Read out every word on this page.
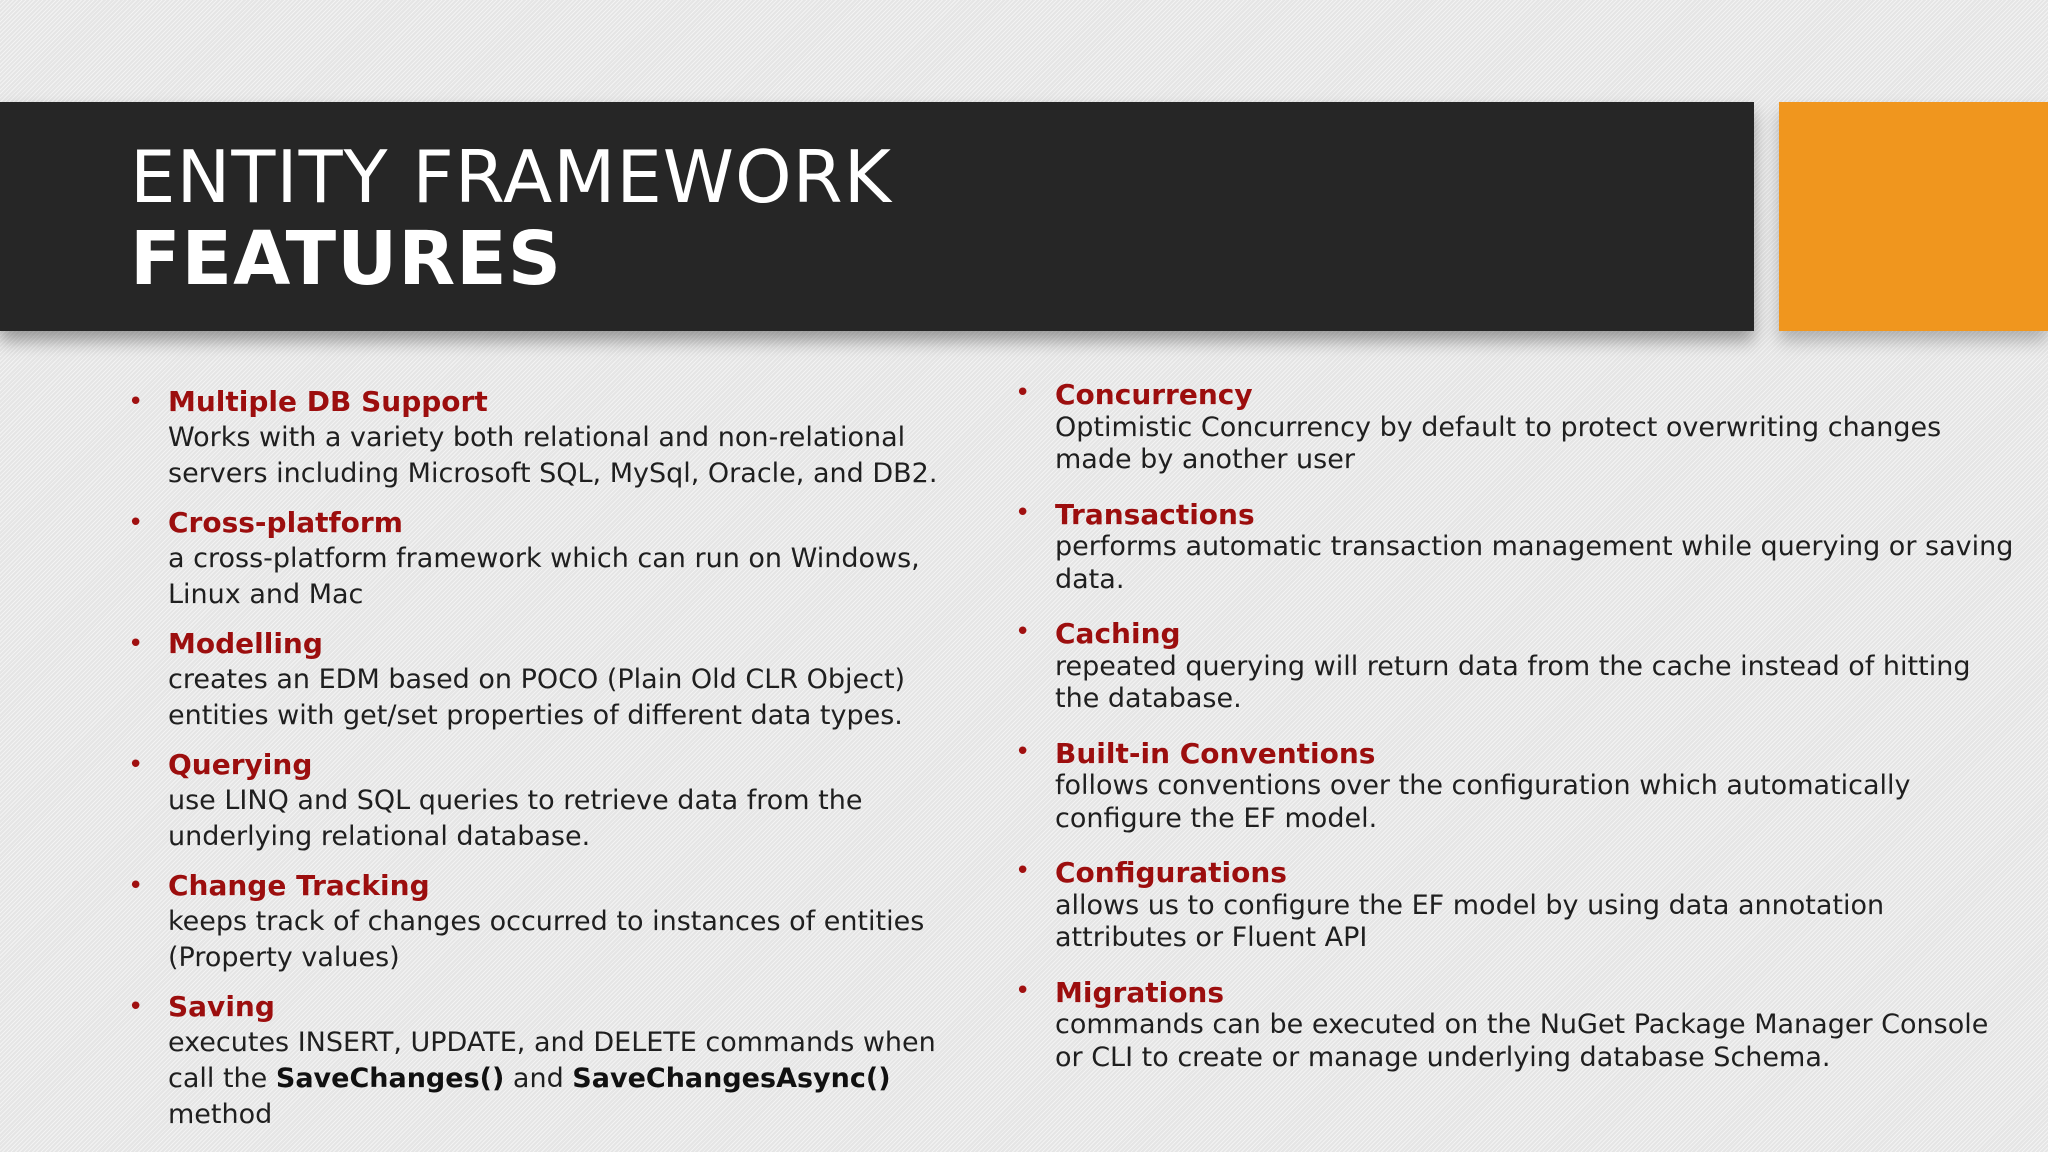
ENTITY FRAMEWORK
FEATURES
• Multiple DB Support
Works with a variety both relational and non-relational servers including Microsoft SQL, MySql, Oracle, and DB2.
• Cross-platform
a cross-platform framework which can run on Windows, Linux and Mac
• Modelling
creates an EDM based on POCO (Plain Old CLR Object) entities with get/set properties of different data types.
• Querying
use LINQ and SQL queries to retrieve data from the underlying relational database.
• Change Tracking
keeps track of changes occurred to instances of entities (Property values)
• Saving
executes INSERT, UPDATE, and DELETE commands when call the SaveChanges() and SaveChangesAsync() method
• Concurrency
Optimistic Concurrency by default to protect overwriting changes made by another user
• Transactions
performs automatic transaction management while querying or saving data.
• Caching
repeated querying will return data from the cache instead of hitting the database.
• Built-in Conventions
follows conventions over the configuration which automatically configure the EF model.
• Configurations
allows us to configure the EF model by using data annotation attributes or Fluent API
• Migrations
commands can be executed on the NuGet Package Manager Console or CLI to create or manage underlying database Schema.
